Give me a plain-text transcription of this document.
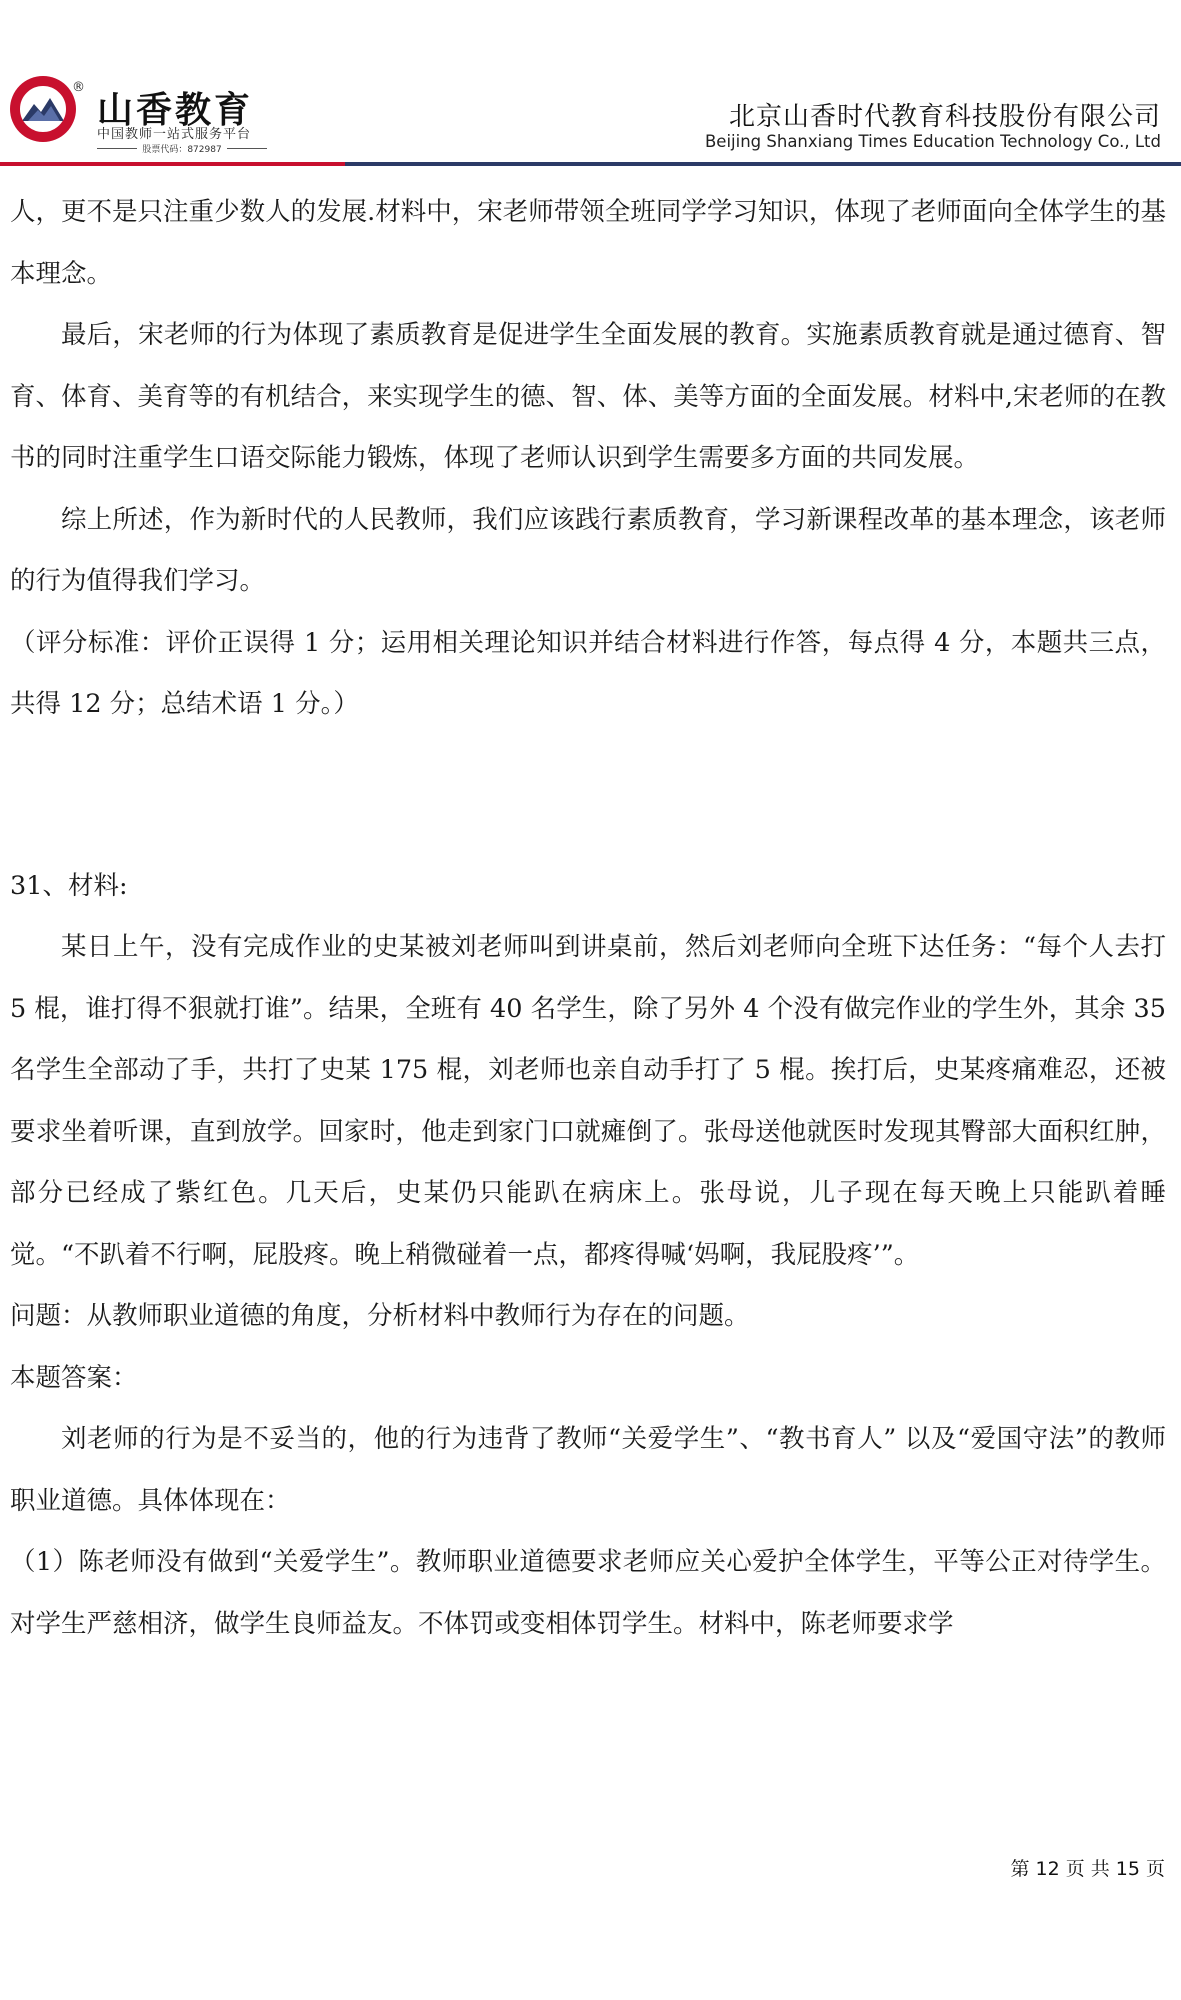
®
山香教育
中国教师一站式服务平台
股票代码：872987
北京山香时代教育科技股份有限公司
Beijing Shanxiang Times Education Technology Co., Ltd

人，更不是只注重少数人的发展.材料中，宋老师带领全班同学学习知识，体现了老师面向全体学生的基本理念。

最后，宋老师的行为体现了素质教育是促进学生全面发展的教育。实施素质教育就是通过德育、智育、体育、美育等的有机结合，来实现学生的德、智、体、美等方面的全面发展。材料中,宋老师的在教书的同时注重学生口语交际能力锻炼，体现了老师认识到学生需要多方面的共同发展。

综上所述，作为新时代的人民教师，我们应该践行素质教育，学习新课程改革的基本理念，该老师的行为值得我们学习。

（评分标准：评价正误得 1 分；运用相关理论知识并结合材料进行作答，每点得 4 分，本题共三点，共得 12 分；总结术语 1 分。）

31、材料:

某日上午，没有完成作业的史某被刘老师叫到讲桌前，然后刘老师向全班下达任务：“每个人去打 5 棍，谁打得不狠就打谁”。结果，全班有 40 名学生，除了另外 4 个没有做完作业的学生外，其余 35 名学生全部动了手，共打了史某 175 棍，刘老师也亲自动手打了 5 棍。挨打后，史某疼痛难忍，还被要求坐着听课，直到放学。回家时，他走到家门口就瘫倒了。张母送他就医时发现其臀部大面积红肿，部分已经成了紫红色。几天后，史某仍只能趴在病床上。张母说，儿子现在每天晚上只能趴着睡觉。“不趴着不行啊，屁股疼。晚上稍微碰着一点，都疼得喊‘妈啊，我屁股疼’”。

问题：从教师职业道德的角度，分析材料中教师行为存在的问题。

本题答案：

刘老师的行为是不妥当的，他的行为违背了教师“关爱学生”、“教书育人” 以及“爱国守法”的教师职业道德。具体体现在：

（1）陈老师没有做到“关爱学生”。教师职业道德要求老师应关心爱护全体学生，平等公正对待学生。对学生严慈相济，做学生良师益友。不体罚或变相体罚学生。材料中，陈老师要求学

第 12 页 共 15 页
